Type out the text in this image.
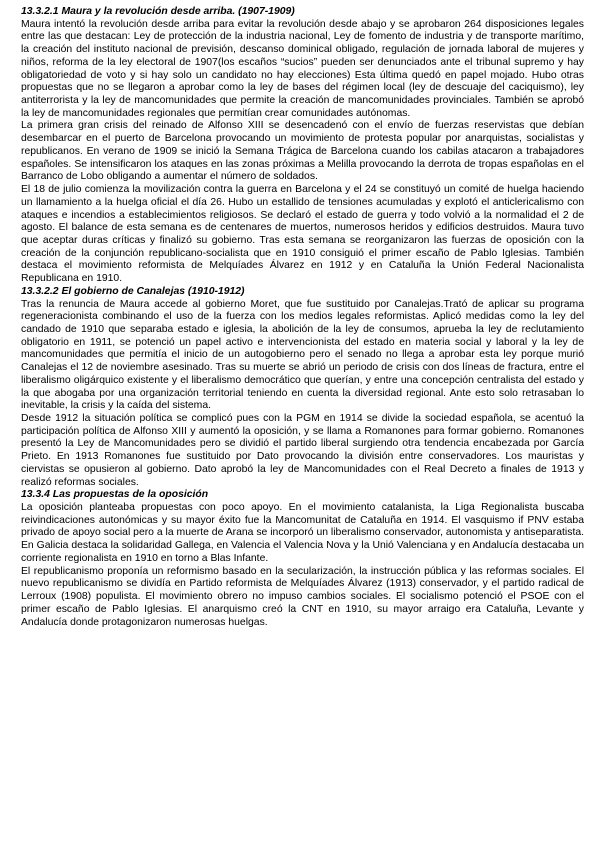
13.3.2.1 Maura y la revolución desde arriba. (1907-1909)

Maura intentó la revolución desde arriba para evitar la revolución desde abajo y se aprobaron 264 disposiciones legales entre las que destacan: Ley de protección de la industria nacional, Ley de fomento de industria y de transporte marítimo, la creación del instituto nacional de previsión, descanso dominical obligado, regulación de jornada laboral de mujeres y niños, reforma de la ley electoral de 1907(los escaños “sucios” pueden ser denunciados ante el tribunal supremo y hay obligatoriedad de voto y si hay solo un candidato no hay elecciones) Esta última quedó en papel mojado. Hubo otras propuestas que no se llegaron a aprobar como la ley de bases del régimen local (ley de descuaje del caciquismo), ley antiterrorista y la ley de mancomunidades que permite la creación de mancomunidades provinciales. También se aprobó la ley de mancomunidades regionales que permitían crear comunidades autónomas.

La primera gran crisis del reinado de Alfonso XIII se desencadenó con el envío de fuerzas reservistas que debían desembarcar en el puerto de Barcelona provocando un movimiento de protesta popular por anarquistas, socialistas y republicanos. En verano de 1909 se inició la Semana Trágica de Barcelona cuando los cabilas atacaron a trabajadores españoles. Se intensificaron los ataques en las zonas próximas a Melilla provocando la derrota de tropas españolas en el Barranco de Lobo obligando a aumentar el número de soldados.

El 18 de julio comienza la movilización contra la guerra en Barcelona y el 24 se constituyó un comité de huelga haciendo un llamamiento a la huelga oficial el día 26. Hubo un estallido de tensiones acumuladas y explotó el anticlericalismo con ataques e incendios a establecimientos religiosos. Se declaró el estado de guerra y todo volvió a la normalidad el 2 de agosto. El balance de esta semana es de centenares de muertos, numerosos heridos y edificios destruidos. Maura tuvo que aceptar duras críticas y finalizó su gobierno. Tras esta semana se reorganizaron las fuerzas de oposición con la creación de la conjunción republicano-socialista que en 1910 consiguió el primer escaño de Pablo Iglesias. También destaca el movimiento reformista de Melquíades Álvarez en 1912 y en Cataluña la Unión Federal Nacionalista Republicana en 1910.

13.3.2.2 El gobierno de Canalejas (1910-1912)

Tras la renuncia de Maura accede al gobierno Moret, que fue sustituido por Canalejas.Trató de aplicar su programa regeneracionista combinando el uso de la fuerza con los medios legales reformistas. Aplicó medidas como la ley del candado de 1910 que separaba estado e iglesia, la abolición de la ley de consumos, aprueba la ley de reclutamiento obligatorio en 1911, se potenció un papel activo e intervencionista del estado en materia social y laboral y la ley de mancomunidades que permitía el inicio de un autogobierno pero el senado no llega a aprobar esta ley porque murió Canalejas el 12 de noviembre asesinado. Tras su muerte se abrió un periodo de crisis con dos líneas de fractura, entre el liberalismo oligárquico existente y el liberalismo democrático que querían, y entre una concepción centralista del estado y la que abogaba por una organización territorial teniendo en cuenta la diversidad regional. Ante esto solo retrasaban lo inevitable, la crisis y la caída del sistema.

Desde 1912 la situación política se complicó pues con la PGM en 1914 se divide la sociedad española, se acentuó la participación política de Alfonso XIII y aumentó la oposición, y se llama a Romanones para formar gobierno. Romanones presentó la Ley de Mancomunidades pero se dividió el partido liberal surgiendo otra tendencia encabezada por García Prieto. En 1913 Romanones fue sustituido por Dato provocando la división entre conservadores. Los mauristas y ciervistas se opusieron al gobierno. Dato aprobó la ley de Mancomunidades con el Real Decreto a finales de 1913 y realizó reformas sociales.

13.3.4 Las propuestas de la oposición

La oposición planteaba propuestas con poco apoyo. En el movimiento catalanista, la Liga Regionalista buscaba reivindicaciones autonómicas y su mayor éxito fue la Mancomunitat de Cataluña en 1914. El vasquismo if PNV estaba privado de apoyo social pero a la muerte de Arana se incorporó un liberalismo conservador, autonomista y antiseparatista. En Galicia destaca la solidaridad Gallega, en Valencia el Valencia Nova y la Unió Valenciana y en Andalucía destacaba un corriente regionalista en 1910 en torno a Blas Infante.

El republicanismo proponía un reformismo basado en la secularización, la instrucción pública y las reformas sociales. El nuevo republicanismo se dividía en Partido reformista de Melquíades Álvarez (1913) conservador, y el partido radical de Lerroux (1908) populista. El movimiento obrero no impuso cambios sociales. El socialismo potenció el PSOE con el primer escaño de Pablo Iglesias. El anarquismo creó la CNT en 1910, su mayor arraigo era Cataluña, Levante y Andalucía donde protagonizaron numerosas huelgas.
